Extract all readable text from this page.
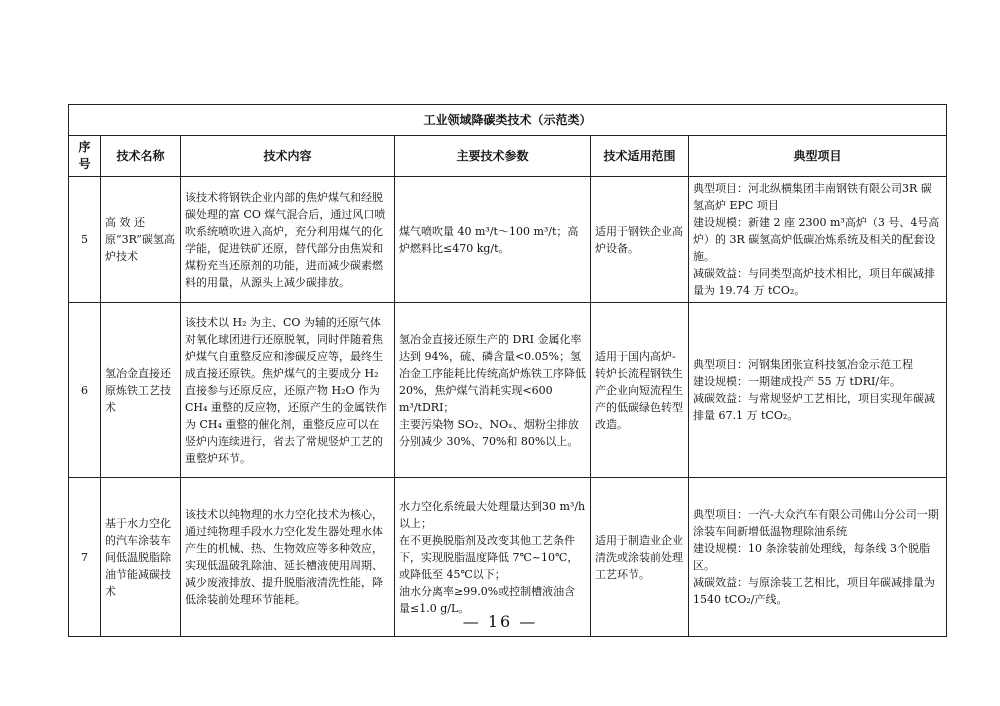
工业领域降碳类技术（示范类）					
序号	技术名称	技术内容	主要技术参数	技术适用范围	典型项目
5	高 效 还 原“3R”碳氢高炉技术	该技术将钢铁企业内部的焦炉煤气和经脱碳处理的富 CO 煤气混合后，通过风口喷吹系统喷吹进入高炉，充分利用煤气的化学能，促进铁矿还原，替代部分由焦炭和煤粉充当还原剂的功能，进而减少碳素燃料的用量，从源头上减少碳排放。	煤气喷吹量 40 m³/t～100 m³/t；高炉燃料比≤470 kg/t。	适用于钢铁企业高炉设备。	典型项目：河北纵横集团丰南钢铁有限公司3R 碳氢高炉 EPC 项目
建设规模：新建 2 座 2300 m³高炉（3 号、4号高炉）的 3R 碳氢高炉低碳冶炼系统及相关的配套设施。
减碳效益：与同类型高炉技术相比，项目年碳减排量为 19.74 万 tCO₂。
6	氢冶金直接还原炼铁工艺技术	该技术以 H₂ 为主、CO 为辅的还原气体对氧化球团进行还原脱氧，同时伴随着焦炉煤气自重整反应和渗碳反应等，最终生成直接还原铁。焦炉煤气的主要成分 H₂ 直接参与还原反应，还原产物 H₂O 作为 CH₄ 重整的反应物，还原产生的金属铁作为 CH₄ 重整的催化剂，重整反应可以在竖炉内连续进行，省去了常规竖炉工艺的重整炉环节。	氢冶金直接还原生产的 DRI 金属化率达到 94%，硫、磷含量<0.05%；氢冶金工序能耗比传统高炉炼铁工序降低 20%，焦炉煤气消耗实现<600 m³/tDRI；
主要污染物 SO₂、NOₓ、烟粉尘排放分别减少 30%、70%和 80%以上。	适用于国内高炉-转炉长流程钢铁生产企业向短流程生产的低碳绿色转型改造。	典型项目：河钢集团张宣科技氢冶金示范工程
建设规模：一期建成投产 55 万 tDRI/年。
减碳效益：与常规竖炉工艺相比，项目实现年碳减排量 67.1 万 tCO₂。
7	基于水力空化的汽车涂装车间低温脱脂除油节能减碳技术	该技术以纯物理的水力空化技术为核心，通过纯物理手段水力空化发生器处理水体产生的机械、热、生物效应等多种效应，实现低温破乳除油、延长槽液使用周期、减少废液排放、提升脱脂液清洗性能，降低涂装前处理环节能耗。	水力空化系统最大处理量达到30 m³/h以上；
在不更换脱脂剂及改变其他工艺条件下，实现脱脂温度降低 7℃~10℃，或降低至 45℃以下；
油水分离率≥99.0%或控制槽液油含量≤1.0 g/L。	适用于制造业企业清洗或涂装前处理工艺环节。	典型项目：一汽-大众汽车有限公司佛山分公司一期涂装车间新增低温物理除油系统
建设规模：10 条涂装前处理线，每条线 3个脱脂区。
减碳效益：与原涂装工艺相比，项目年碳减排量为 1540 tCO₂/产线。
— 16 —
